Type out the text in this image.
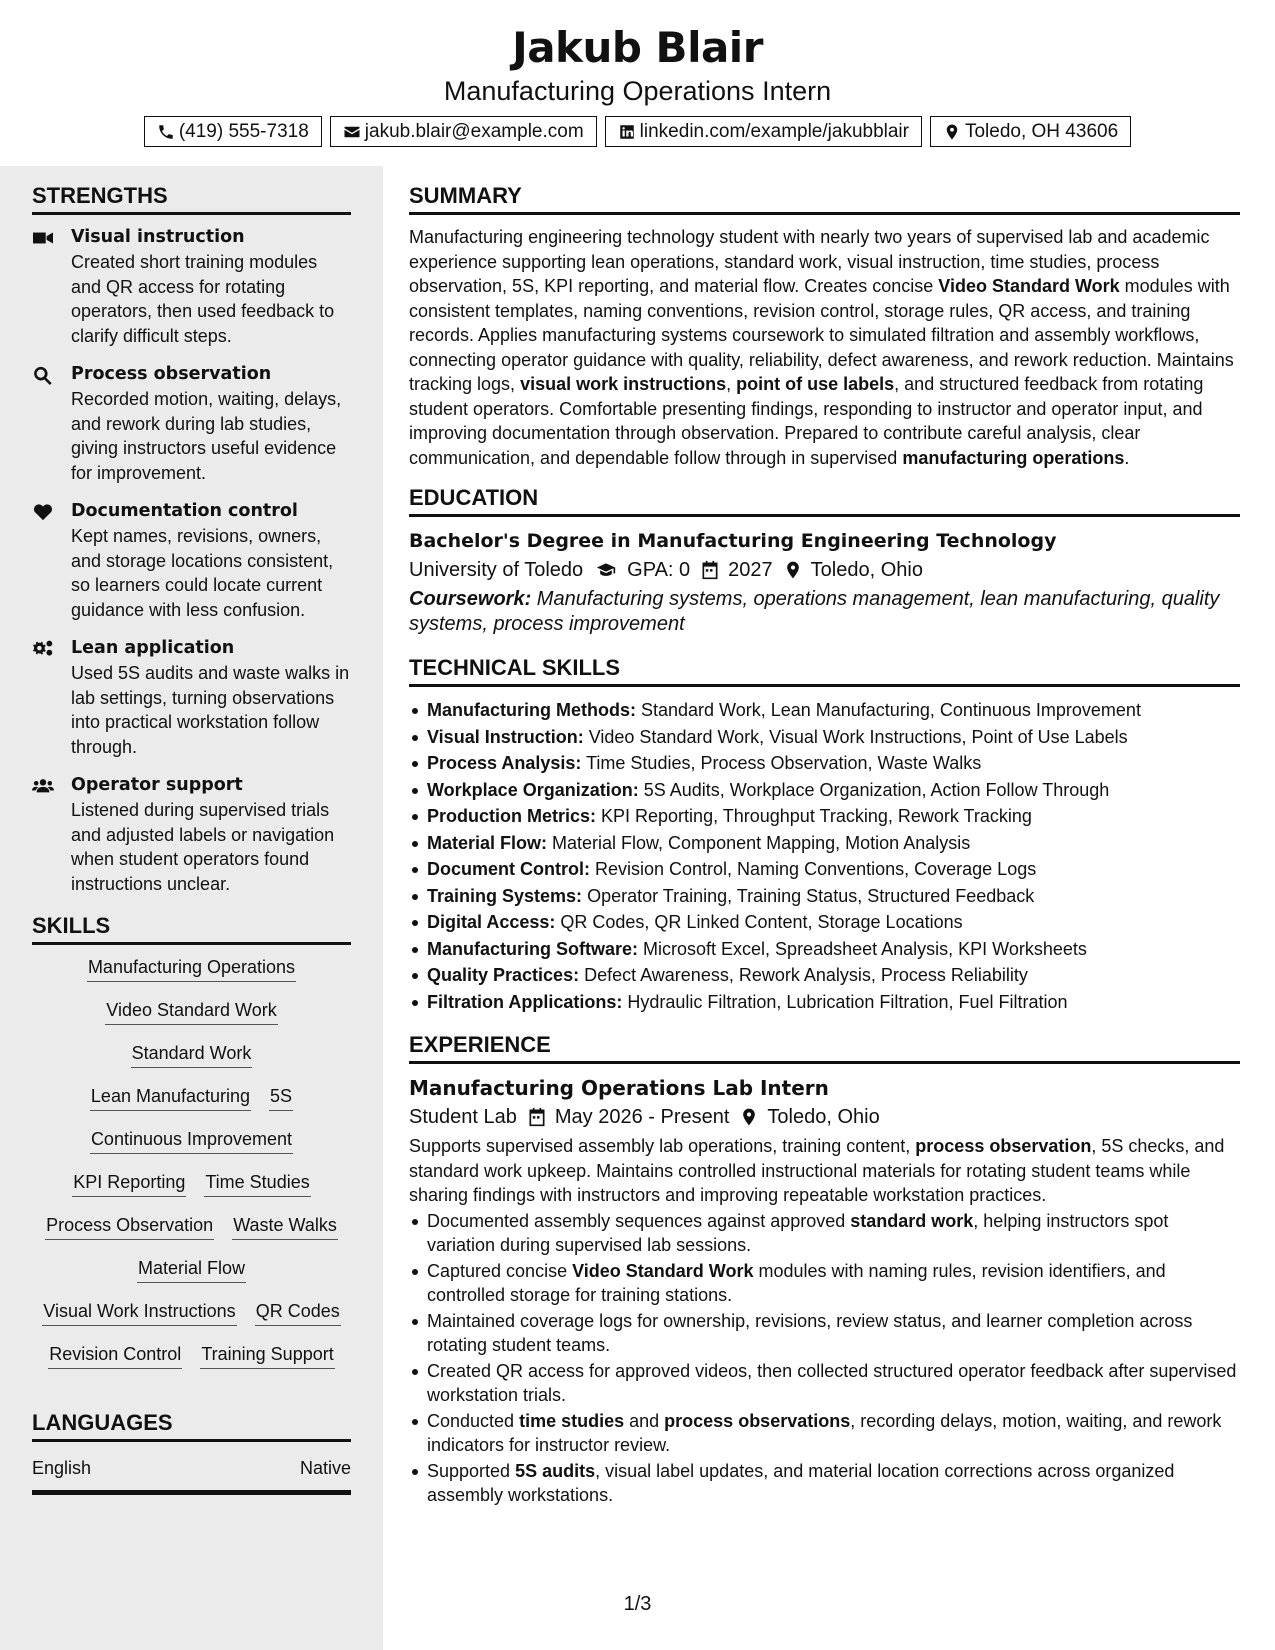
Jakub Blair
Manufacturing Operations Intern
(419) 555-7318	jakub.blair@example.com	linkedin.com/example/jakubblair	Toledo, OH 43606
STRENGTHS
Visual instruction
Created short training modules and QR access for rotating operators, then used feedback to clarify difficult steps.
Process observation
Recorded motion, waiting, delays, and rework during lab studies, giving instructors useful evidence for improvement.
Documentation control
Kept names, revisions, owners, and storage locations consistent, so learners could locate current guidance with less confusion.
Lean application
Used 5S audits and waste walks in lab settings, turning observations into practical workstation follow through.
Operator support
Listened during supervised trials and adjusted labels or navigation when student operators found instructions unclear.
SKILLS
Manufacturing Operations
Video Standard Work
Standard Work
Lean Manufacturing 5S
Continuous Improvement
KPI Reporting Time Studies
Process Observation Waste Walks
Material Flow
Visual Work Instructions QR Codes
Revision Control Training Support
LANGUAGES
English	Native
SUMMARY
Manufacturing engineering technology student with nearly two years of supervised lab and academic experience supporting lean operations, standard work, visual instruction, time studies, process observation, 5S, KPI reporting, and material flow. Creates concise Video Standard Work modules with consistent templates, naming conventions, revision control, storage rules, QR access, and training records. Applies manufacturing systems coursework to simulated filtration and assembly workflows, connecting operator guidance with quality, reliability, defect awareness, and rework reduction. Maintains tracking logs, visual work instructions, point of use labels, and structured feedback from rotating student operators. Comfortable presenting findings, responding to instructor and operator input, and improving documentation through observation. Prepared to contribute careful analysis, clear communication, and dependable follow through in supervised manufacturing operations.
EDUCATION
Bachelor's Degree in Manufacturing Engineering Technology
University of Toledo GPA: 0 2027 Toledo, Ohio
Coursework: Manufacturing systems, operations management, lean manufacturing, quality systems, process improvement
TECHNICAL SKILLS
Manufacturing Methods: Standard Work, Lean Manufacturing, Continuous Improvement
Visual Instruction: Video Standard Work, Visual Work Instructions, Point of Use Labels
Process Analysis: Time Studies, Process Observation, Waste Walks
Workplace Organization: 5S Audits, Workplace Organization, Action Follow Through
Production Metrics: KPI Reporting, Throughput Tracking, Rework Tracking
Material Flow: Material Flow, Component Mapping, Motion Analysis
Document Control: Revision Control, Naming Conventions, Coverage Logs
Training Systems: Operator Training, Training Status, Structured Feedback
Digital Access: QR Codes, QR Linked Content, Storage Locations
Manufacturing Software: Microsoft Excel, Spreadsheet Analysis, KPI Worksheets
Quality Practices: Defect Awareness, Rework Analysis, Process Reliability
Filtration Applications: Hydraulic Filtration, Lubrication Filtration, Fuel Filtration
EXPERIENCE
Manufacturing Operations Lab Intern
Student Lab May 2026 - Present Toledo, Ohio
Supports supervised assembly lab operations, training content, process observation, 5S checks, and standard work upkeep. Maintains controlled instructional materials for rotating student teams while sharing findings with instructors and improving repeatable workstation practices.
Documented assembly sequences against approved standard work, helping instructors spot variation during supervised lab sessions.
Captured concise Video Standard Work modules with naming rules, revision identifiers, and controlled storage for training stations.
Maintained coverage logs for ownership, revisions, review status, and learner completion across rotating student teams.
Created QR access for approved videos, then collected structured operator feedback after supervised workstation trials.
Conducted time studies and process observations, recording delays, motion, waiting, and rework indicators for instructor review.
Supported 5S audits, visual label updates, and material location corrections across organized assembly workstations.
1/3
